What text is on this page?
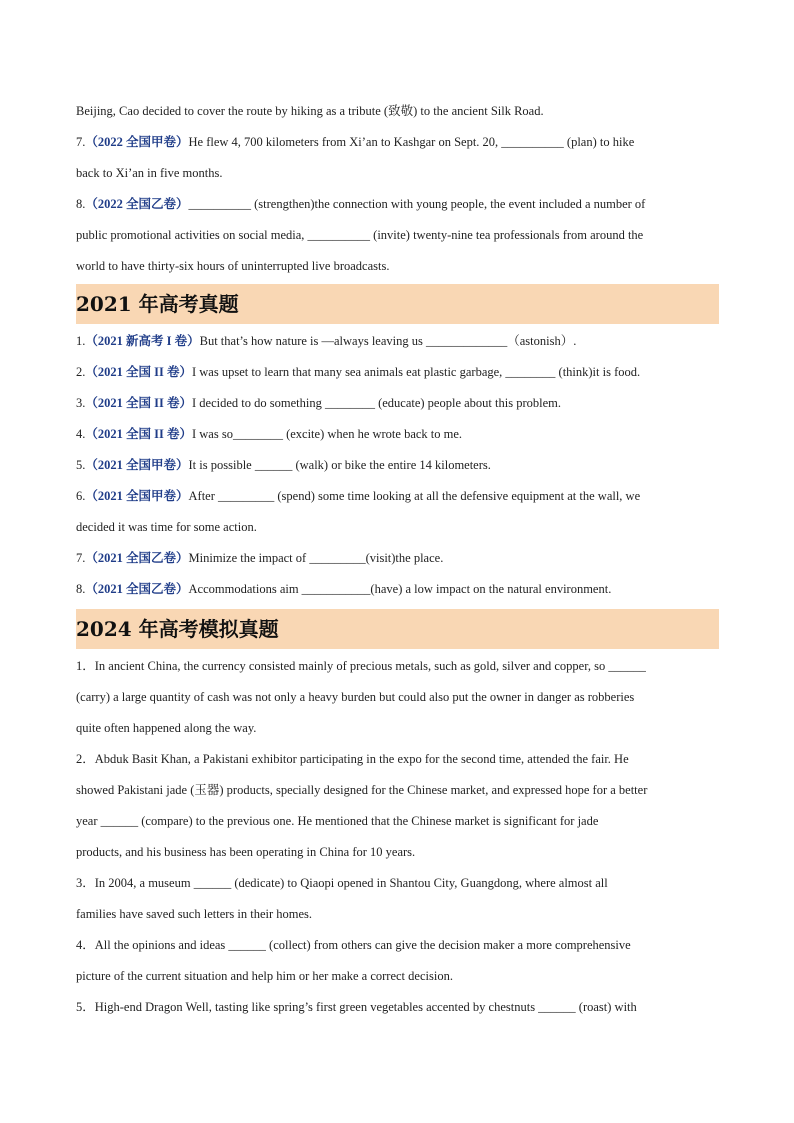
Beijing, Cao decided to cover the route by hiking as a tribute (致敬) to the ancient Silk Road.
7.（2022 全国甲卷）He flew 4, 700 kilometers from Xi’an to Kashgar on Sept. 20, __________ (plan) to hike
back to Xi’an in five months.
8.（2022 全国乙卷）__________ (strengthen)the connection with young people, the event included a number of
public promotional activities on social media, __________ (invite) twenty-nine tea professionals from around the
world to have thirty-six hours of uninterrupted live broadcasts.
2021 年高考真题
1.（2021 新高考 I 卷）But that’s how nature is —always leaving us _____________（astonish）.
2.（2021 全国 II 卷）I was upset to learn that many sea animals eat plastic garbage, ________ (think)it is food.
3.（2021 全国 II 卷）I decided to do something ________ (educate) people about this problem.
4.（2021 全国 II 卷）I was so________ (excite) when he wrote back to me.
5.（2021 全国甲卷）It is possible ______ (walk) or bike the entire 14 kilometers.
6.（2021 全国甲卷）After _________ (spend) some time looking at all the defensive equipment at the wall, we
decided it was time for some action.
7.（2021 全国乙卷）Minimize the impact of _________(visit)the place.
8.（2021 全国乙卷）Accommodations aim ___________(have) a low impact on the natural environment.
2024 年高考模拟真题
1．In ancient China, the currency consisted mainly of precious metals, such as gold, silver and copper, so ______
(carry) a large quantity of cash was not only a heavy burden but could also put the owner in danger as robberies
quite often happened along the way.
2．Abduk Basit Khan, a Pakistani exhibitor participating in the expo for the second time, attended the fair. He
showed Pakistani jade (玉器) products, specially designed for the Chinese market, and expressed hope for a better
year ______ (compare) to the previous one. He mentioned that the Chinese market is significant for jade
products, and his business has been operating in China for 10 years.
3．In 2004, a museum ______ (dedicate) to Qiaopi opened in Shantou City, Guangdong, where almost all
families have saved such letters in their homes.
4．All the opinions and ideas ______ (collect) from others can give the decision maker a more comprehensive
picture of the current situation and help him or her make a correct decision.
5．High-end Dragon Well, tasting like spring’s first green vegetables accented by chestnuts ______ (roast) with
